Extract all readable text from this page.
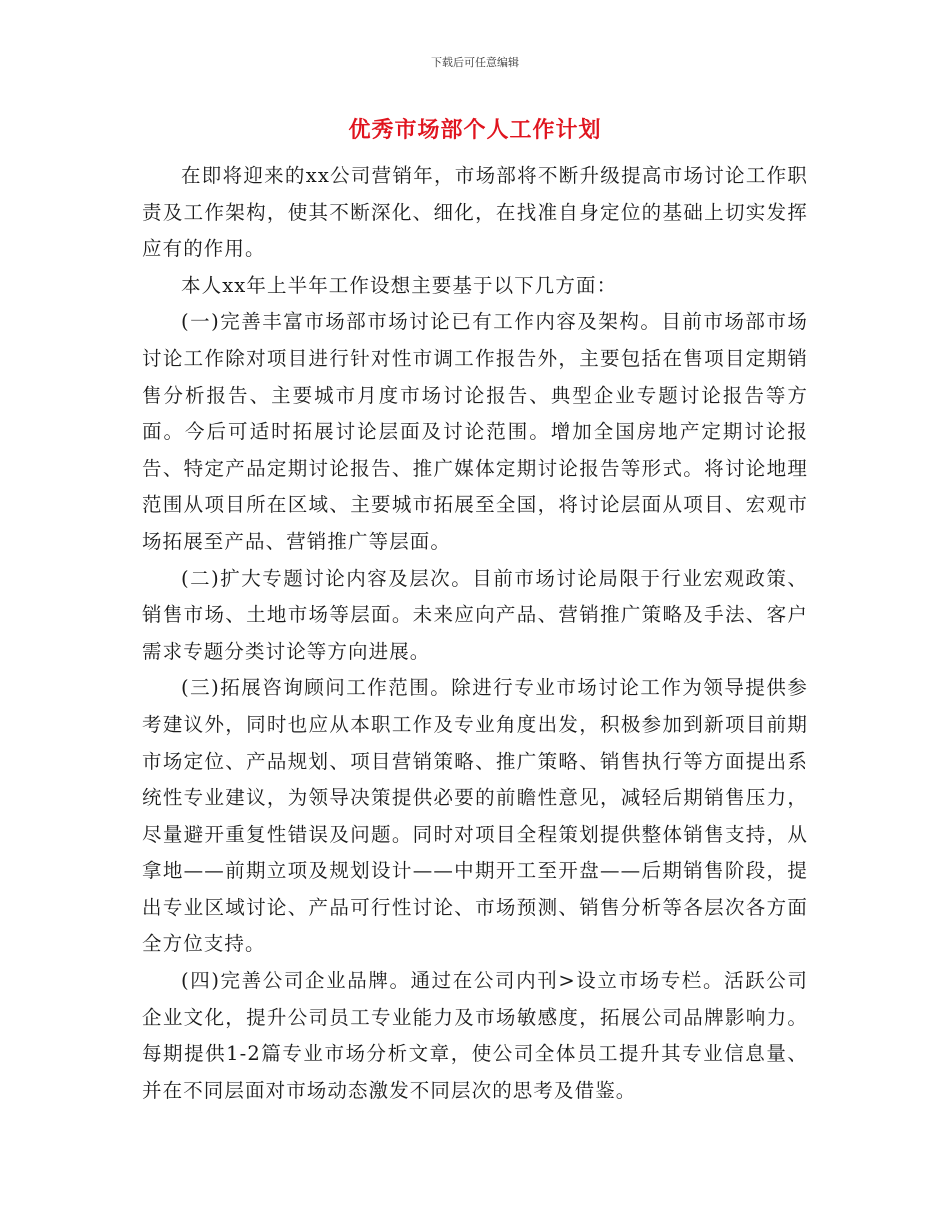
下载后可任意编辑
优秀市场部个人工作计划

在即将迎来的xx公司营销年，市场部将不断升级提高市场讨论工作职责及工作架构，使其不断深化、细化，在找准自身定位的基础上切实发挥应有的作用。

本人xx年上半年工作设想主要基于以下几方面：

(一)完善丰富市场部市场讨论已有工作内容及架构。目前市场部市场讨论工作除对项目进行针对性市调工作报告外，主要包括在售项目定期销售分析报告、主要城市月度市场讨论报告、典型企业专题讨论报告等方面。今后可适时拓展讨论层面及讨论范围。增加全国房地产定期讨论报告、特定产品定期讨论报告、推广媒体定期讨论报告等形式。将讨论地理范围从项目所在区域、主要城市拓展至全国，将讨论层面从项目、宏观市场拓展至产品、营销推广等层面。

(二)扩大专题讨论内容及层次。目前市场讨论局限于行业宏观政策、销售市场、土地市场等层面。未来应向产品、营销推广策略及手法、客户需求专题分类讨论等方向进展。

(三)拓展咨询顾问工作范围。除进行专业市场讨论工作为领导提供参考建议外，同时也应从本职工作及专业角度出发，积极参加到新项目前期市场定位、产品规划、项目营销策略、推广策略、销售执行等方面提出系统性专业建议，为领导决策提供必要的前瞻性意见，减轻后期销售压力，尽量避开重复性错误及问题。同时对项目全程策划提供整体销售支持，从拿地——前期立项及规划设计——中期开工至开盘——后期销售阶段，提出专业区域讨论、产品可行性讨论、市场预测、销售分析等各层次各方面全方位支持。

(四)完善公司企业品牌。通过在公司内刊>设立市场专栏。活跃公司企业文化，提升公司员工专业能力及市场敏感度，拓展公司品牌影响力。每期提供1-2篇专业市场分析文章，使公司全体员工提升其专业信息量、并在不同层面对市场动态激发不同层次的思考及借鉴。
